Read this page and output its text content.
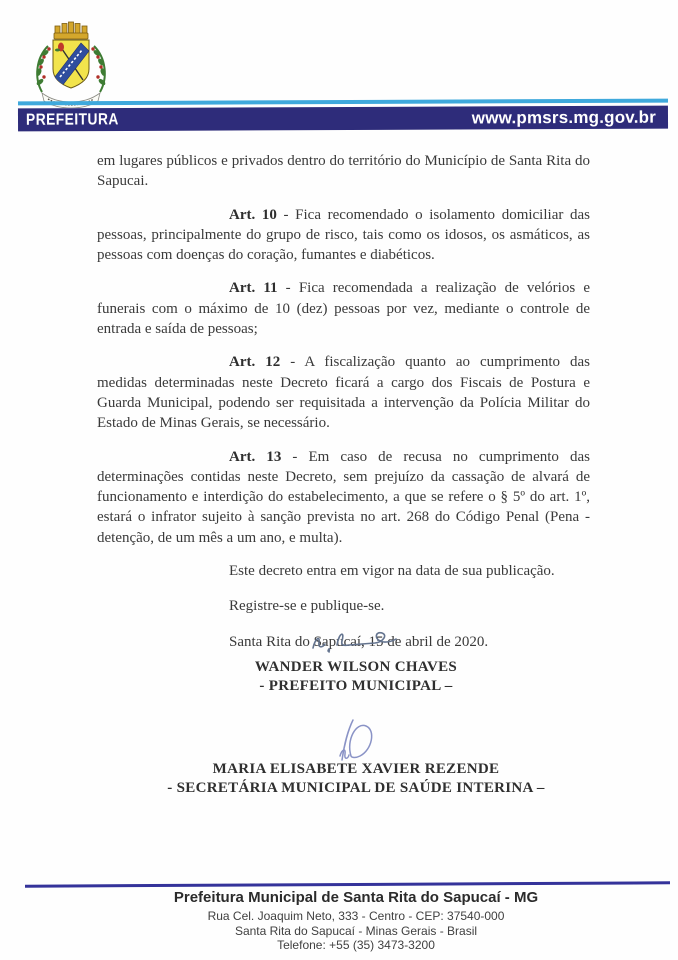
PREFEITURA	www.pmsrs.mg.gov.br

em lugares públicos e privados dentro do território do Município de Santa Rita do Sapucai.

Art. 10 - Fica recomendado o isolamento domiciliar das pessoas, principalmente do grupo de risco, tais como os idosos, os asmáticos, as pessoas com doenças do coração, fumantes e diabéticos.

Art. 11 - Fica recomendada a realização de velórios e funerais com o máximo de 10 (dez) pessoas por vez, mediante o controle de entrada e saída de pessoas;

Art. 12 - A fiscalização quanto ao cumprimento das medidas determinadas neste Decreto ficará a cargo dos Fiscais de Postura e Guarda Municipal, podendo ser requisitada a intervenção da Polícia Militar do Estado de Minas Gerais, se necessário.

Art. 13 - Em caso de recusa no cumprimento das determinações contidas neste Decreto, sem prejuízo da cassação de alvará de funcionamento e interdição do estabelecimento, a que se refere o § 5º do art. 1º, estará o infrator sujeito à sanção prevista no art. 268 do Código Penal (Pena - detenção, de um mês a um ano, e multa).

Este decreto entra em vigor na data de sua publicação.

Registre-se e publique-se.

Santa Rita do Sapucaí, 15 de abril de 2020.

WANDER WILSON CHAVES
- PREFEITO MUNICIPAL –
MARIA ELISABETE XAVIER REZENDE
- SECRETÁRIA MUNICIPAL DE SAÚDE INTERINA –
Prefeitura Municipal de Santa Rita do Sapucaí - MG
Rua Cel. Joaquim Neto, 333 - Centro - CEP: 37540-000
Santa Rita do Sapucaí - Minas Gerais - Brasil
Telefone: +55 (35) 3473-3200
